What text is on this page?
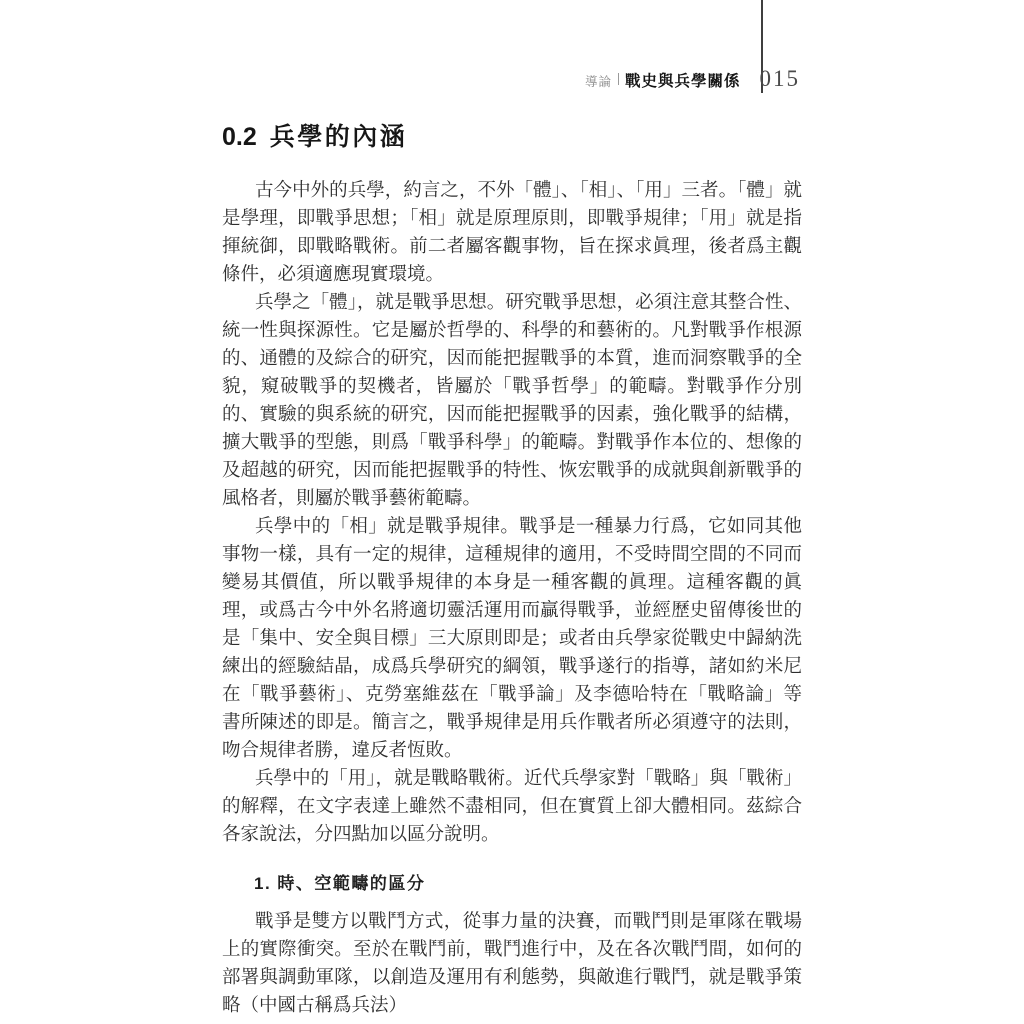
導論 戰史與兵學關係 015
0.2 兵學的內涵

古今中外的兵學，約言之，不外「體」、「相」、「用」三者。「體」就是學理，即戰爭思想；「相」就是原理原則，即戰爭規律；「用」就是指揮統御，即戰略戰術。前二者屬客觀事物，旨在探求眞理，後者爲主觀條件，必須適應現實環境。

兵學之「體」，就是戰爭思想。研究戰爭思想，必須注意其整合性、統一性與探源性。它是屬於哲學的、科學的和藝術的。凡對戰爭作根源的、通體的及綜合的研究，因而能把握戰爭的本質，進而洞察戰爭的全貌，窺破戰爭的契機者，皆屬於「戰爭哲學」的範疇。對戰爭作分別的、實驗的與系統的研究，因而能把握戰爭的因素，強化戰爭的結構，擴大戰爭的型態，則爲「戰爭科學」的範疇。對戰爭作本位的、想像的及超越的研究，因而能把握戰爭的特性、恢宏戰爭的成就與創新戰爭的風格者，則屬於戰爭藝術範疇。

兵學中的「相」就是戰爭規律。戰爭是一種暴力行爲，它如同其他事物一樣，具有一定的規律，這種規律的適用，不受時間空間的不同而變易其價值，所以戰爭規律的本身是一種客觀的眞理。這種客觀的眞理，或爲古今中外名將適切靈活運用而贏得戰爭，並經歷史留傳後世的是「集中、安全與目標」三大原則即是；或者由兵學家從戰史中歸納洗練出的經驗結晶，成爲兵學研究的綱領，戰爭遂行的指導，諸如約米尼在「戰爭藝術」、克勞塞維茲在「戰爭論」及李德哈特在「戰略論」等書所陳述的即是。簡言之，戰爭規律是用兵作戰者所必須遵守的法則，吻合規律者勝，違反者恆敗。

兵學中的「用」，就是戰略戰術。近代兵學家對「戰略」與「戰術」的解釋，在文字表達上雖然不盡相同，但在實質上卻大體相同。茲綜合各家說法，分四點加以區分說明。

1. 時、空範疇的區分

戰爭是雙方以戰鬥方式，從事力量的決賽，而戰鬥則是軍隊在戰場上的實際衝突。至於在戰鬥前，戰鬥進行中，及在各次戰鬥間，如何的部署與調動軍隊，以創造及運用有利態勢，與敵進行戰鬥，就是戰爭策略（中國古稱爲兵法）
